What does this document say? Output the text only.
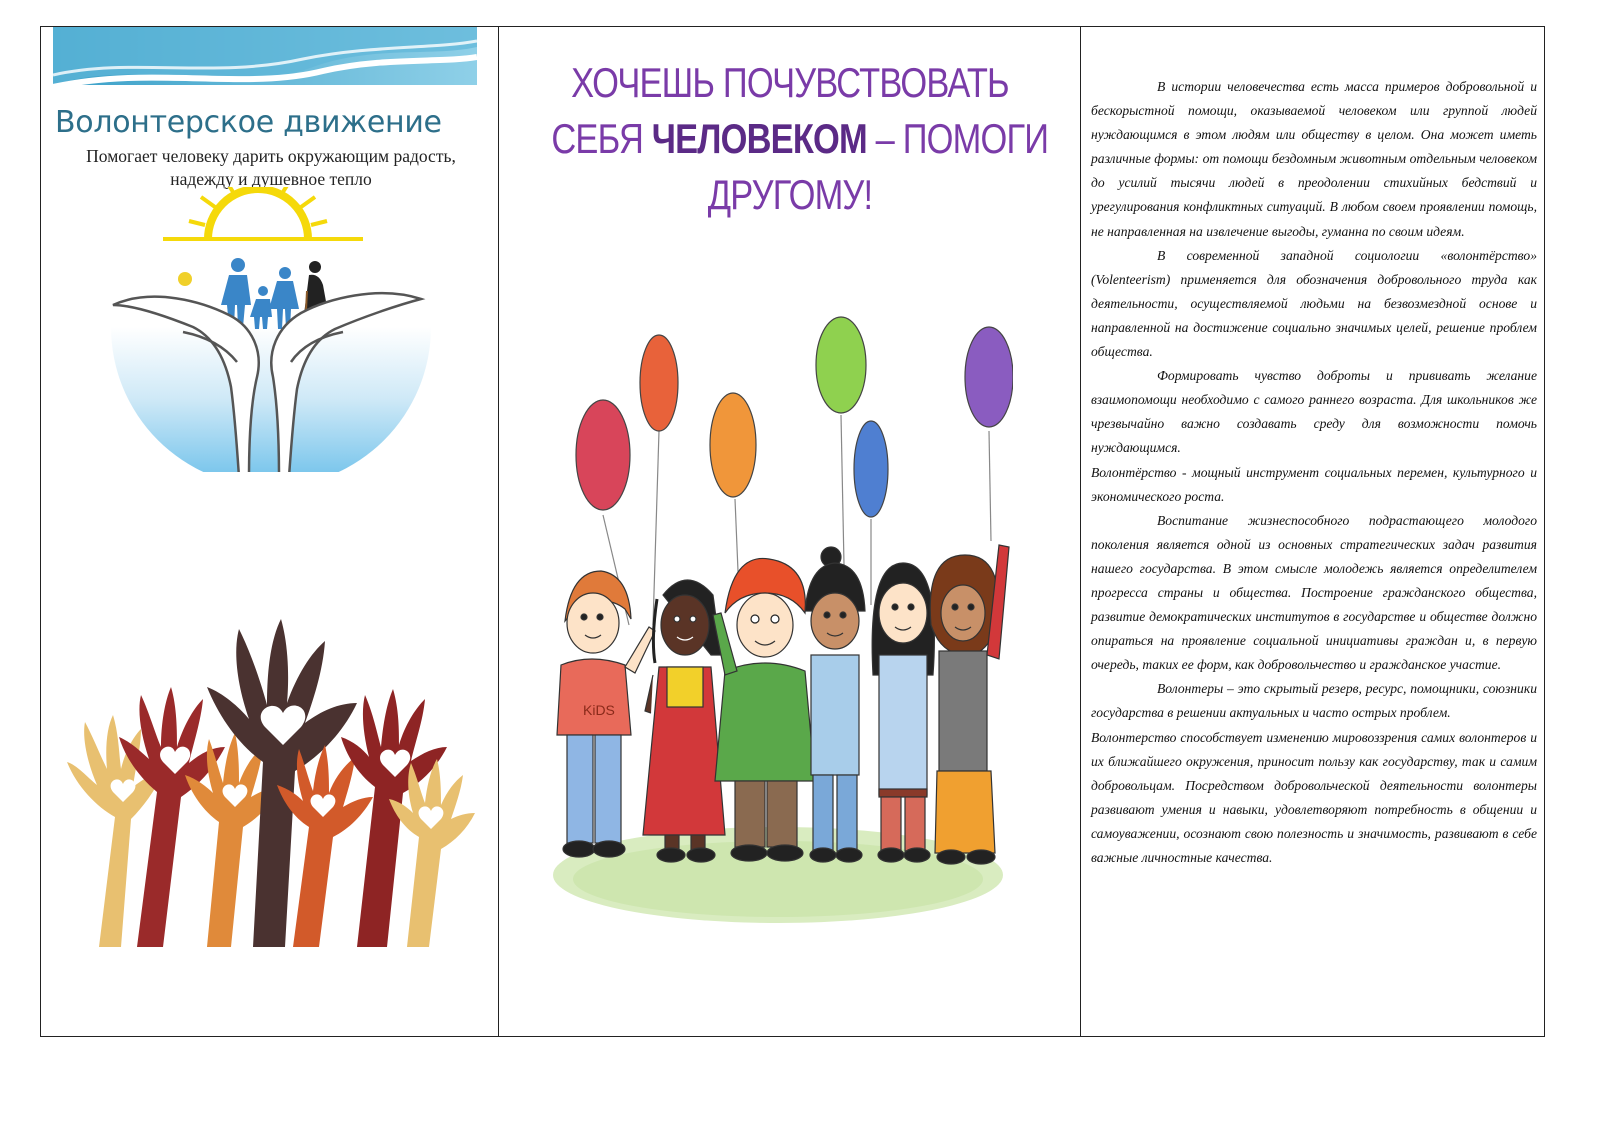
Волонтерское движение
Помогает человеку дарить окружающим радость,
надежду и душевное тепло
ХОЧЕШЬ ПОЧУВСТВОВАТЬ
СЕБЯ ЧЕЛОВЕКОМ – ПОМОГИ
ДРУГОМУ!
KiDS

В истории человечества есть масса примеров добровольной и бескорыстной помощи, оказываемой человеком или группой людей нуждающимся в этом людям или обществу в целом. Она может иметь различные формы: от помощи бездомным животным отдельным человеком до усилий тысячи людей в преодолении стихийных бедствий и урегулирования конфликтных ситуаций. В любом своем проявлении помощь, не направленная на извлечение выгоды, гуманна по своим идеям.

В современной западной социологии «волонтёрство» (Volenteerism) применяется для обозначения добровольного труда как деятельности, осуществляемой людьми на безвозмездной основе и направленной на достижение социально значимых целей, решение проблем общества.

Формировать чувство доброты и прививать желание взаимопомощи необходимо с самого раннего возраста. Для школьников же чрезвычайно важно создавать среду для возможности помочь нуждающимся.

Волонтёрство - мощный инструмент социальных перемен, культурного и экономического роста.

Воспитание жизнеспособного подрастающего молодого поколения является одной из основных стратегических задач развития нашего государства. В этом смысле молодежь является определителем прогресса страны и общества. Построение гражданского общества, развитие демократических институтов в государстве и обществе должно опираться на проявление социальной инициативы граждан и, в первую очередь, таких ее форм, как добровольчество и гражданское участие.

Волонтеры – это скрытый резерв, ресурс, помощники, союзники государства в решении актуальных и часто острых проблем.

Волонтерство способствует изменению мировоззрения самих волонтеров и их ближайшего окружения, приносит пользу как государству, так и самим добровольцам. Посредством добровольческой деятельности волонтеры развивают умения и навыки, удовлетворяют потребность в общении и самоуважении, осознают свою полезность и значимость, развивают в себе важные личностные качества.
